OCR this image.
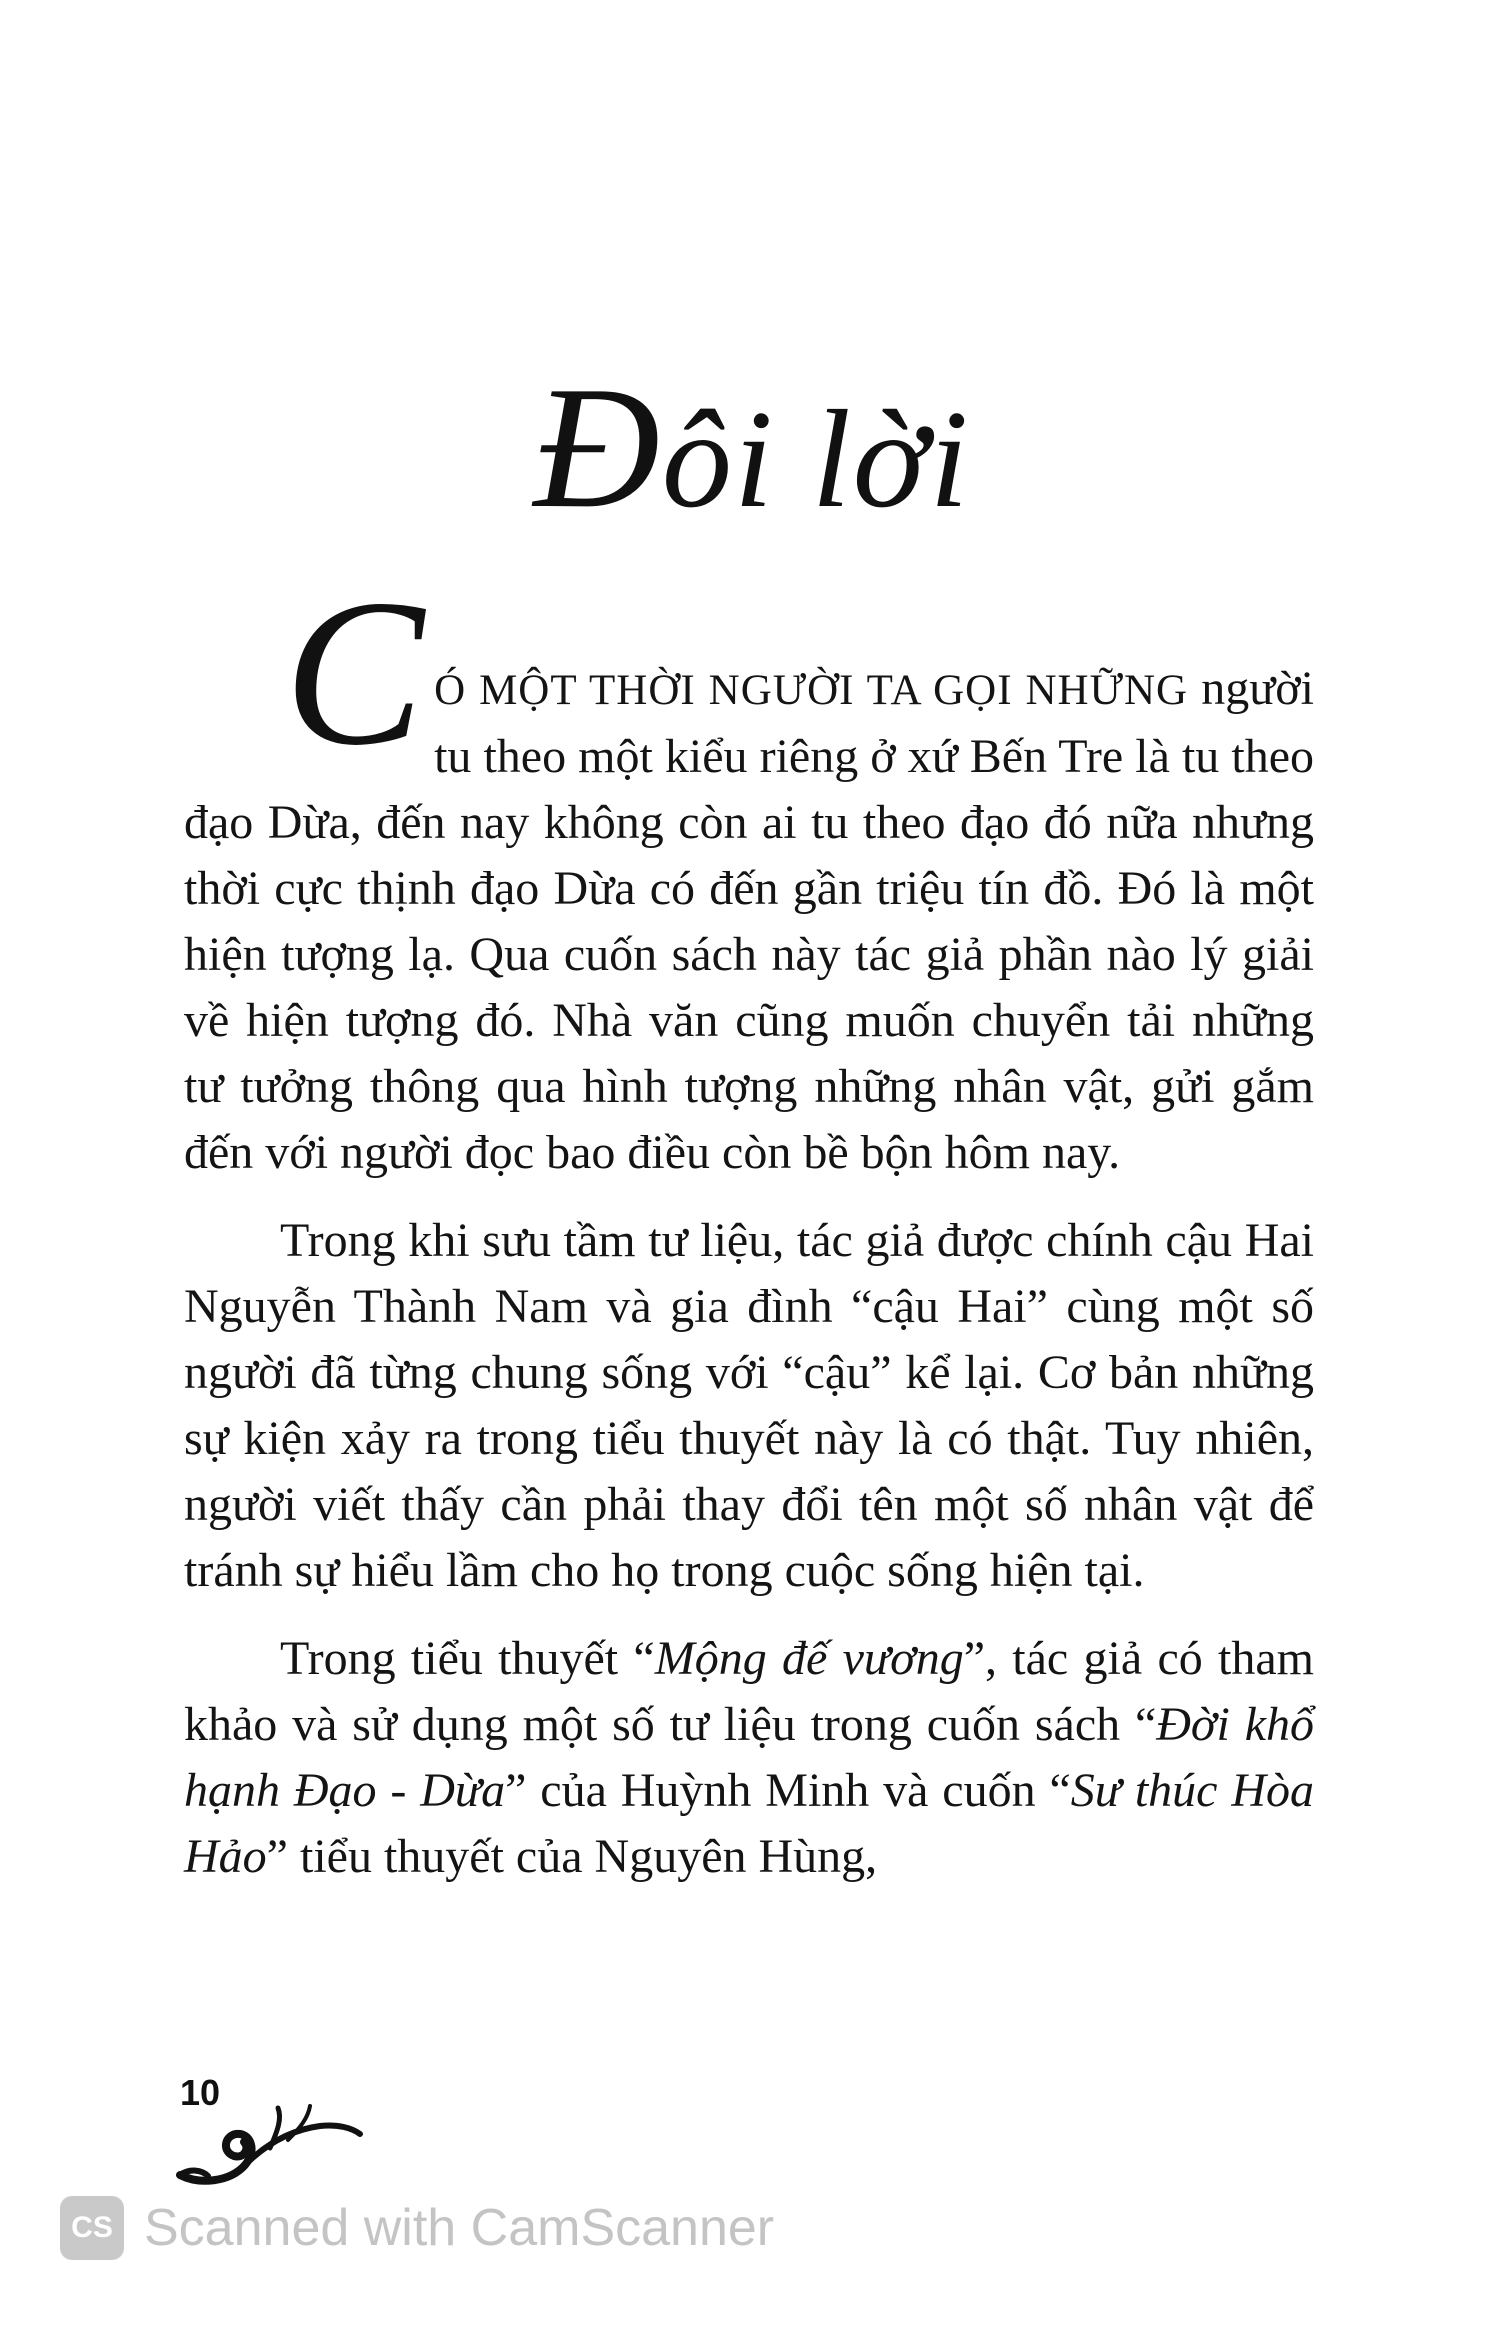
Đôi lời

C Ó MỘT THỜI NGƯỜI TA GỌI NHỮNG người tu theo một kiểu riêng ở xứ Bến Tre là tu theo đạo Dừa, đến nay không còn ai tu theo đạo đó nữa nhưng thời cực thịnh đạo Dừa có đến gần triệu tín đồ. Đó là một hiện tượng lạ. Qua cuốn sách này tác giả phần nào lý giải về hiện tượng đó. Nhà văn cũng muốn chuyển tải những tư tưởng thông qua hình tượng những nhân vật, gửi gắm đến với người đọc bao điều còn bề bộn hôm nay.

Trong khi sưu tầm tư liệu, tác giả được chính cậu Hai Nguyễn Thành Nam và gia đình “cậu Hai” cùng một số người đã từng chung sống với “cậu” kể lại. Cơ bản những sự kiện xảy ra trong tiểu thuyết này là có thật. Tuy nhiên, người viết thấy cần phải thay đổi tên một số nhân vật để tránh sự hiểu lầm cho họ trong cuộc sống hiện tại.

Trong tiểu thuyết “Mộng đế vương”, tác giả có tham khảo và sử dụng một số tư liệu trong cuốn sách “Đời khổ hạnh Đạo - Dừa” của Huỳnh Minh và cuốn “Sư thúc Hòa Hảo” tiểu thuyết của Nguyên Hùng,

10
CS Scanned with CamScanner
